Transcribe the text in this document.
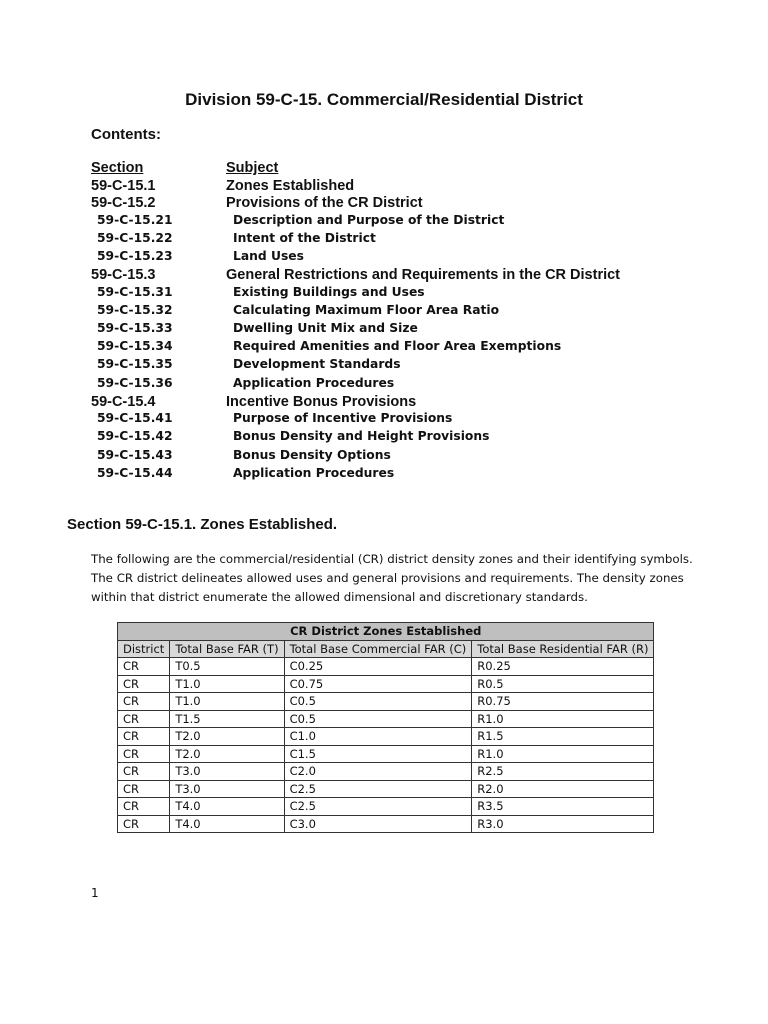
Division 59-C-15. Commercial/Residential District
Contents:
Section	Subject
59-C-15.1	Zones Established
59-C-15.2	Provisions of the CR District
59-C-15.21	Description and Purpose of the District
59-C-15.22	Intent of the District
59-C-15.23	Land Uses
59-C-15.3	General Restrictions and Requirements in the CR District
59-C-15.31	Existing Buildings and Uses
59-C-15.32	Calculating Maximum Floor Area Ratio
59-C-15.33	Dwelling Unit Mix and Size
59-C-15.34	Required Amenities and Floor Area Exemptions
59-C-15.35	Development Standards
59-C-15.36	Application Procedures
59-C-15.4	Incentive Bonus Provisions
59-C-15.41	Purpose of Incentive Provisions
59-C-15.42	Bonus Density and Height Provisions
59-C-15.43	Bonus Density Options
59-C-15.44	Application Procedures
Section 59-C-15.1. Zones Established.
The following are the commercial/residential (CR) district density zones and their identifying symbols.
The CR district delineates allowed uses and general provisions and requirements. The density zones
within that district enumerate the allowed dimensional and discretionary standards.
CR District Zones Established			
District	Total Base FAR (T)	Total Base Commercial FAR (C)	Total Base Residential FAR (R)
CR	T0.5	C0.25	R0.25
CR	T1.0	C0.75	R0.5
CR	T1.0	C0.5	R0.75
CR	T1.5	C0.5	R1.0
CR	T2.0	C1.0	R1.5
CR	T2.0	C1.5	R1.0
CR	T3.0	C2.0	R2.5
CR	T3.0	C2.5	R2.0
CR	T4.0	C2.5	R3.5
CR	T4.0	C3.0	R3.0
1
